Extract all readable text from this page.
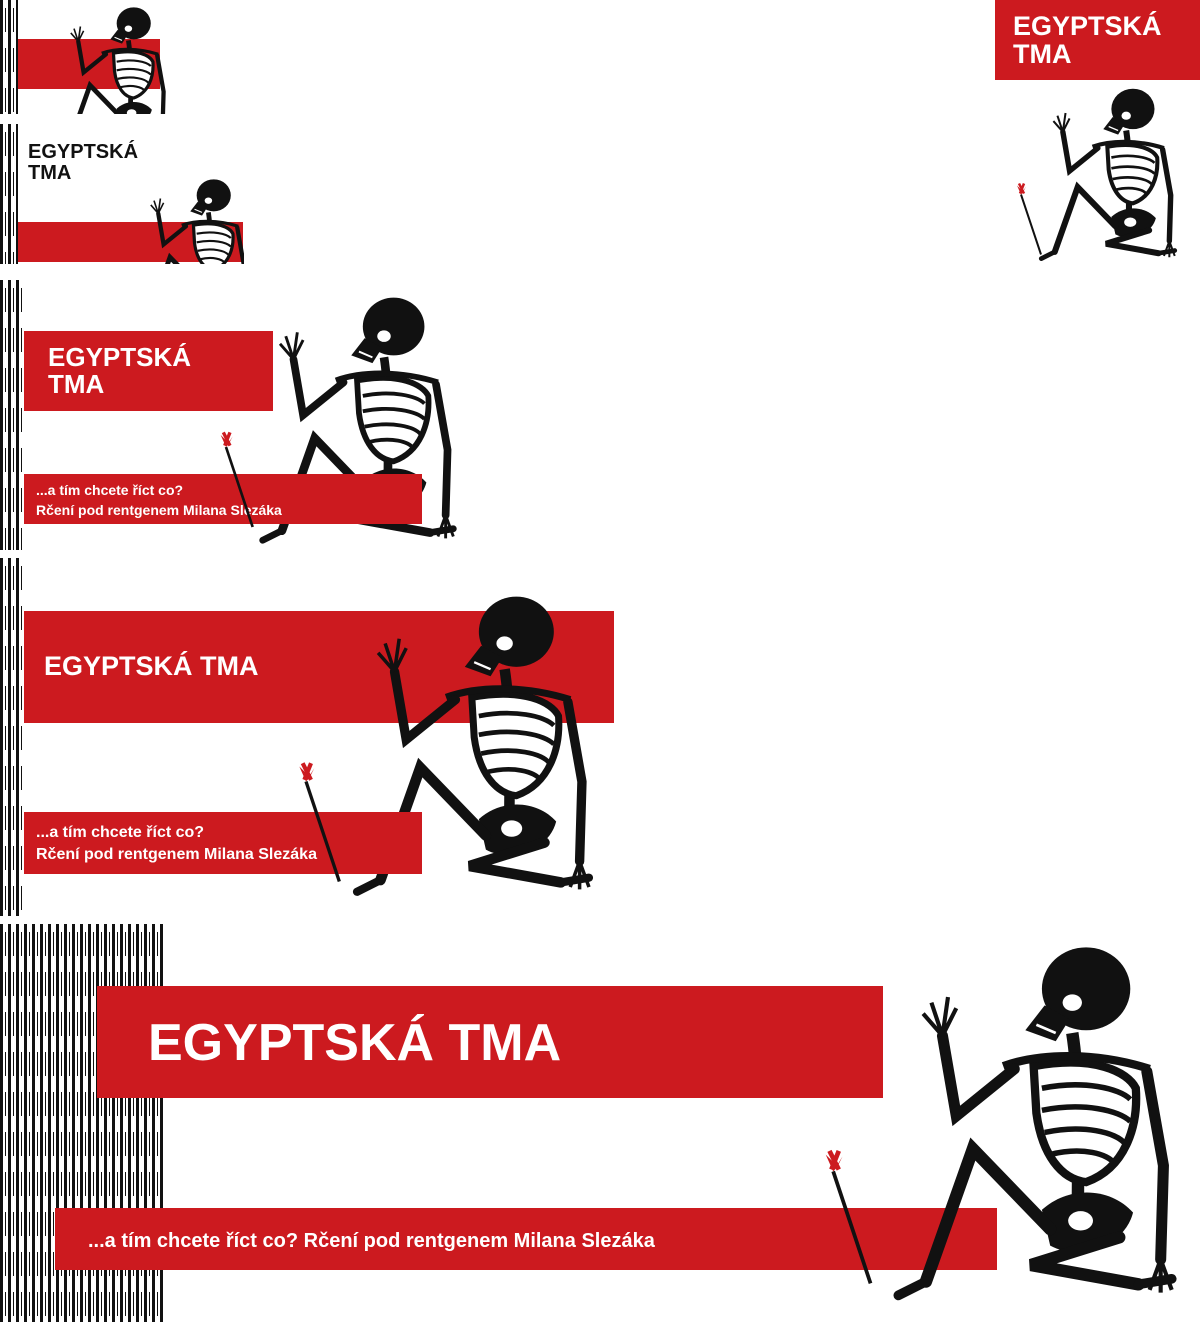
EGYPTSKÁ
TMA
EGYPTSKÁ
TMA
EGYPTSKÁ
TMA
...a tím chcete říct co?
Rčení pod rentgenem Milana Slezáka
EGYPTSKÁ TMA
...a tím chcete říct co?
Rčení pod rentgenem Milana Slezáka
EGYPTSKÁ TMA
...a tím chcete říct co? Rčení pod rentgenem Milana Slezáka
